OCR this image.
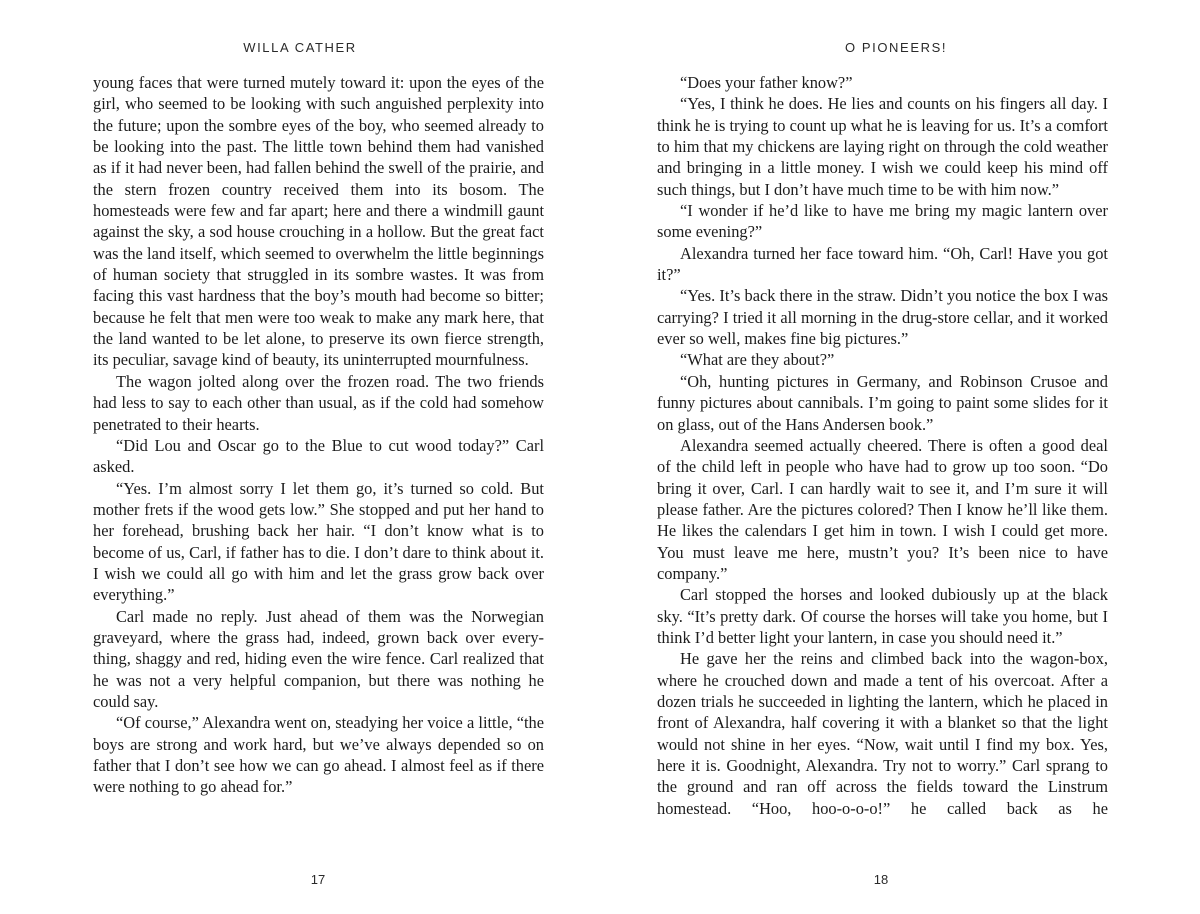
WILLA CATHER

young faces that were turned mutely toward it: upon the eyes of the girl, who seemed to be looking with such anguished perplexity into the future; upon the sombre eyes of the boy, who seemed already to be looking into the past. The little town behind them had vanished as if it had never been, had fallen behind the swell of the prairie, and the stern frozen country received them into its bosom. The homesteads were few and far apart; here and there a windmill gaunt against the sky, a sod house crouching in a hollow. But the great fact was the land itself, which seemed to overwhelm the little beginnings of human society that struggled in its sombre wastes. It was from facing this vast hardness that the boy’s mouth had become so bitter; because he felt that men were too weak to make any mark here, that the land wanted to be let alone, to preserve its own fierce strength, its peculiar, savage kind of beauty, its uninterrupted mournfulness.

The wagon jolted along over the frozen road. The two friends had less to say to each other than usual, as if the cold had somehow penetrated to their hearts.

“Did Lou and Oscar go to the Blue to cut wood today?” Carl asked.

“Yes. I’m almost sorry I let them go, it’s turned so cold. But mother frets if the wood gets low.” She stopped and put her hand to her forehead, brushing back her hair. “I don’t know what is to become of us, Carl, if father has to die. I don’t dare to think about it. I wish we could all go with him and let the grass grow back over everything.”

Carl made no reply. Just ahead of them was the Norwegian graveyard, where the grass had, indeed, grown back over everything, shaggy and red, hiding even the wire fence. Carl realized that he was not a very helpful companion, but there was nothing he could say.

“Of course,” Alexandra went on, steadying her voice a little, “the boys are strong and work hard, but we’ve always depended so on father that I don’t see how we can go ahead. I almost feel as if there were nothing to go ahead for.”

17
O PIONEERS!

“Does your father know?”

“Yes, I think he does. He lies and counts on his fingers all day. I think he is trying to count up what he is leaving for us. It’s a comfort to him that my chickens are laying right on through the cold weather and bringing in a little money. I wish we could keep his mind off such things, but I don’t have much time to be with him now.”

“I wonder if he’d like to have me bring my magic lantern over some evening?”

Alexandra turned her face toward him. “Oh, Carl! Have you got it?”

“Yes. It’s back there in the straw. Didn’t you notice the box I was carrying? I tried it all morning in the drug-store cellar, and it worked ever so well, makes fine big pictures.”

“What are they about?”

“Oh, hunting pictures in Germany, and Robinson Crusoe and funny pictures about cannibals. I’m going to paint some slides for it on glass, out of the Hans Andersen book.”

Alexandra seemed actually cheered. There is often a good deal of the child left in people who have had to grow up too soon. “Do bring it over, Carl. I can hardly wait to see it, and I’m sure it will please father. Are the pictures colored? Then I know he’ll like them. He likes the calendars I get him in town. I wish I could get more. You must leave me here, mustn’t you? It’s been nice to have company.”

Carl stopped the horses and looked dubiously up at the black sky. “It’s pretty dark. Of course the horses will take you home, but I think I’d better light your lantern, in case you should need it.”

He gave her the reins and climbed back into the wagon-box, where he crouched down and made a tent of his overcoat. After a dozen trials he succeeded in lighting the lantern, which he placed in front of Alexandra, half covering it with a blanket so that the light would not shine in her eyes. “Now, wait until I find my box. Yes, here it is. Goodnight, Alexandra. Try not to worry.” Carl sprang to the ground and ran off across the fields toward the Linstrum homestead. “Hoo, hoo-o-o-o!” he called back as he

18
